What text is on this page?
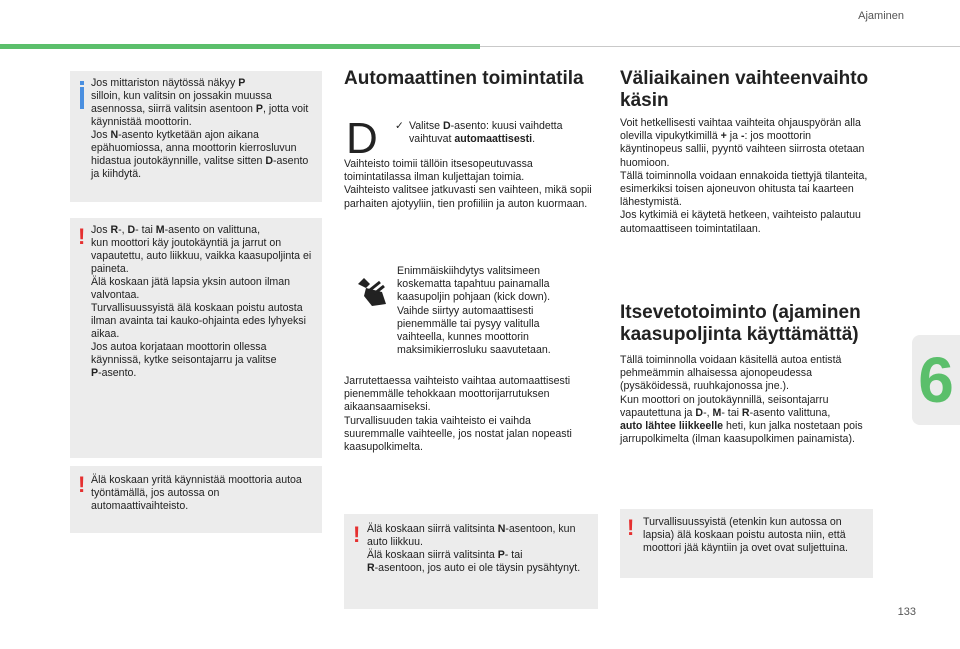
Ajaminen
133
6

Jos mittariston näytössä näkyy P
silloin, kun valitsin on jossakin muussa asennossa, siirrä valitsin asentoon P, jotta voit käynnistää moottorin.
Jos N-asento kytketään ajon aikana epähuomiossa, anna moottorin kierrosluvun hidastua joutokäynnille, valitse sitten D-asento ja kiihdytä.

! Jos R-, D- tai M-asento on valittuna,
kun moottori käy joutokäyntiä ja jarrut on vapautettu, auto liikkuu, vaikka kaasupoljinta ei paineta.
Älä koskaan jätä lapsia yksin autoon ilman valvontaa.
Turvallisuussyistä älä koskaan poistu autosta ilman avainta tai kauko-ohjainta edes lyhyeksi aikaa.
Jos autoa korjataan moottorin ollessa käynnissä, kytke seisontajarru ja valitse
P-asento.

! Älä koskaan yritä käynnistää moottoria autoa työntämällä, jos autossa on automaattivaihteisto.

Automaattinen toimintatila
D ✓ Valitse D-asento: kuusi vaihdetta vaihtuvat automaattisesti.
Vaihteisto toimii tällöin itsesopeutuvassa toimintatilassa ilman kuljettajan toimia.
Vaihteisto valitsee jatkuvasti sen vaihteen, mikä sopii parhaiten ajotyyliin, tien profiiliin ja auton kuormaan.
Enimmäiskiihdytys valitsimeen koskematta tapahtuu painamalla kaasupoljin pohjaan (kick down). Vaihde siirtyy automaattisesti pienemmälle tai pysyy valitulla vaihteella, kunnes moottorin maksimikierrosluku saavutetaan.
Jarrutettaessa vaihteisto vaihtaa automaattisesti pienemmälle tehokkaan moottorijarrutuksen aikaansaamiseksi.
Turvallisuuden takia vaihteisto ei vaihda suuremmalle vaihteelle, jos nostat jalan nopeasti kaasupolkimelta.
! Älä koskaan siirrä valitsinta N-asentoon, kun auto liikkuu.
Älä koskaan siirrä valitsinta P- tai
R-asentoon, jos auto ei ole täysin pysähtynyt.

Väliaikainen vaihteenvaihto käsin
Voit hetkellisesti vaihtaa vaihteita ohjauspyörän alla olevilla vipukytkimillä + ja -: jos moottorin käyntinopeus sallii, pyyntö vaihteen siirrosta otetaan huomioon.
Tällä toiminnolla voidaan ennakoida tiettyjä tilanteita, esimerkiksi toisen ajoneuvon ohitusta tai kaarteen lähestymistä.
Jos kytkimiä ei käytetä hetkeen, vaihteisto palautuu automaattiseen toimintatilaan.
Itsevetotoiminto (ajaminen kaasupoljinta käyttämättä)
Tällä toiminnolla voidaan käsitellä autoa entistä pehmeämmin alhaisessa ajonopeudessa (pysäköidessä, ruuhkajonossa jne.).
Kun moottori on joutokäynnillä, seisontajarru vapautettuna ja D-, M- tai R-asento valittuna,
auto lähtee liikkeelle heti, kun jalka nostetaan pois jarrupolkimelta (ilman kaasupolkimen painamista).
! Turvallisuussyistä (etenkin kun autossa on lapsia) älä koskaan poistu autosta niin, että moottori jää käyntiin ja ovet ovat suljettuina.
